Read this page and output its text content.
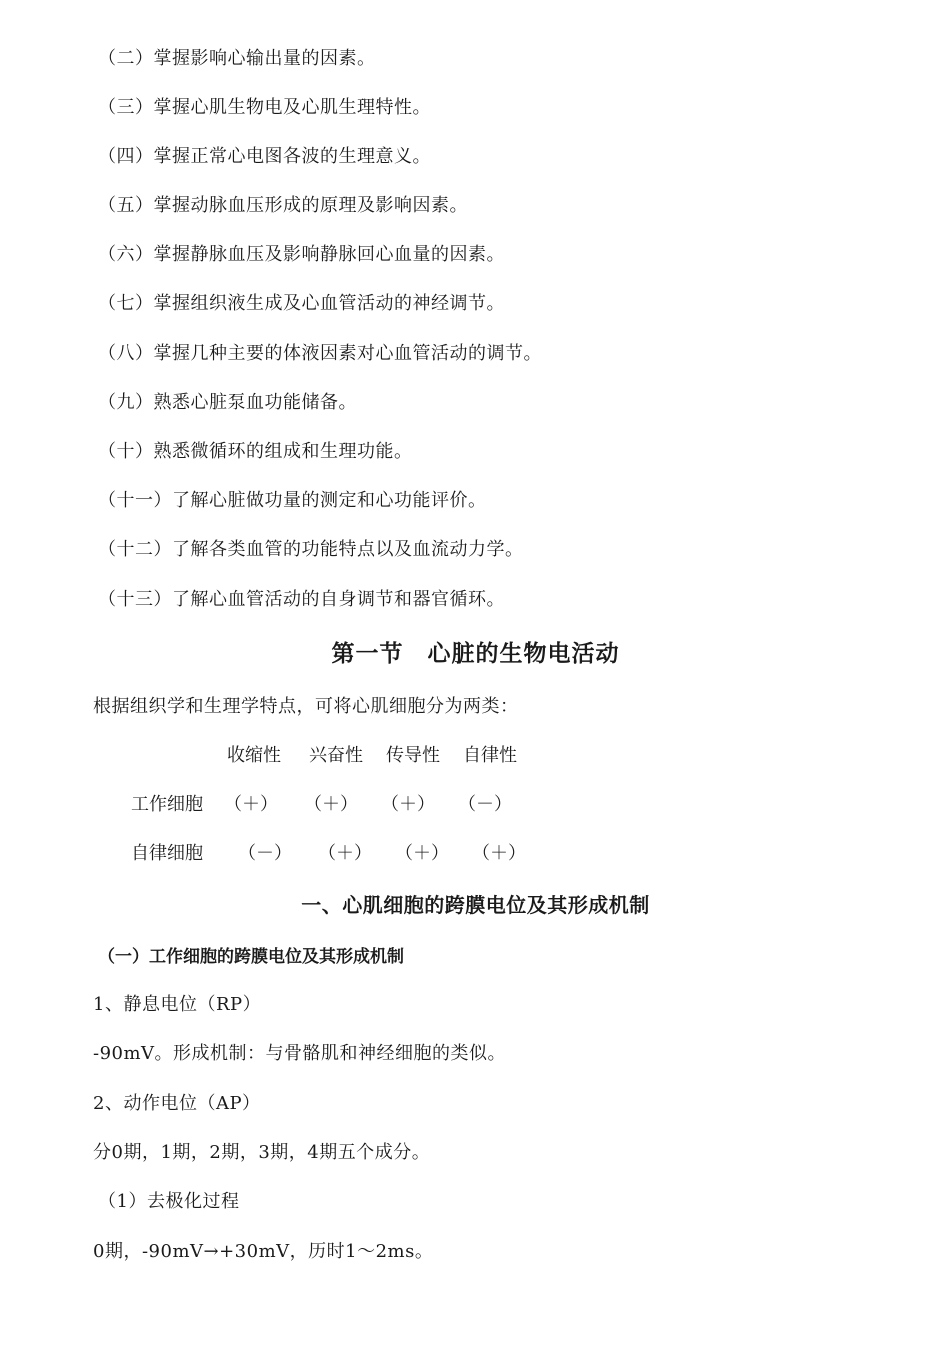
（二）掌握影响心输出量的因素。
（三）掌握心肌生物电及心肌生理特性。
（四）掌握正常心电图各波的生理意义。
（五）掌握动脉血压形成的原理及影响因素。
（六）掌握静脉血压及影响静脉回心血量的因素。
（七）掌握组织液生成及心血管活动的神经调节。
（八）掌握几种主要的体液因素对心血管活动的调节。
（九）熟悉心脏泵血功能储备。
（十）熟悉微循环的组成和生理功能。
（十一）了解心脏做功量的测定和心功能评价。
（十二）了解各类血管的功能特点以及血流动力学。
（十三）了解心血管活动的自身调节和器官循环。
第一节　心脏的生物电活动
根据组织学和生理学特点，可将心肌细胞分为两类：
收缩性 兴奋性 传导性 自律性
工作细胞 （＋） （＋） （＋） （－）
自律细胞 （－） （＋） （＋） （＋）
一、心肌细胞的跨膜电位及其形成机制
（一）工作细胞的跨膜电位及其形成机制
1、静息电位（RP）
-90mV。形成机制：与骨骼肌和神经细胞的类似。
2、动作电位（AP）
分0期，1期，2期，3期，4期五个成分。
（1）去极化过程
0期，-90mV→+30mV，历时1～2ms。
